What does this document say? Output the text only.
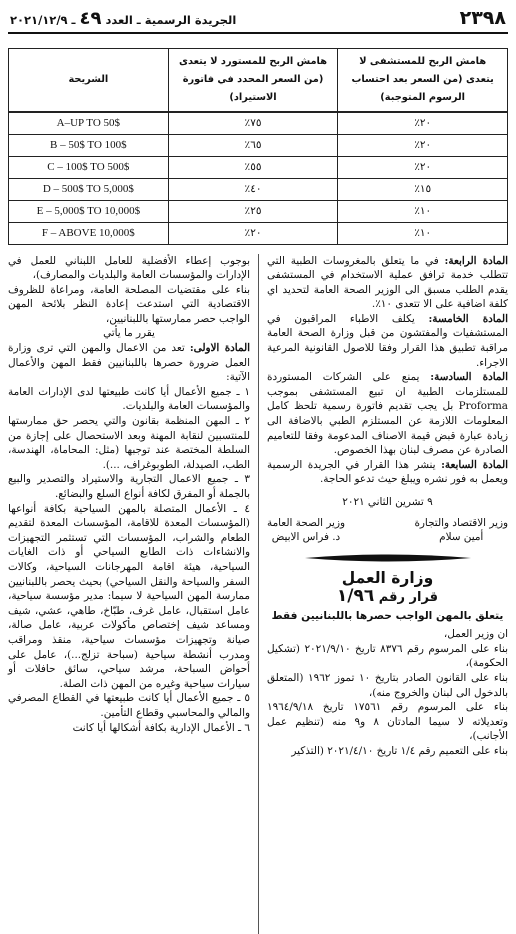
٢٣٩٨
الجريدة الرسمية ـ العدد ٤٩ ـ ٢٠٢١/١٢/٩
هامش الربح للمستشفى لا يتعدى (من السعر بعد احتساب الرسوم المتوجبة)	هامش الربح للمستورد لا يتعدى (من السعر المحدد في فاتورة الاستيراد)	الشريحة
٢٠٪	٧٥٪	A–UP TO 50$
٢٠٪	٦٥٪	B – 50$ TO 100$
٢٠٪	٥٥٪	C – 100$ TO 500$
١٥٪	٤٠٪	D – 500$ TO 5,000$
١٠٪	٢٥٪	E – 5,000$ TO 10,000$
١٠٪	٢٠٪	F – ABOVE 10,000$

المادة الرابعة: في ما يتعلق بالمغروسات الطبية التي تتطلب خدمة ترافق عملية الاستخدام في المستشفى يقدم الطلب مسبق الى الوزير الصحة العامة لتحديد اي كلفة اضافية على الا تتعدى ١٠٪.

المادة الخامسة: يكلف الاطباء المراقبون في المستشفيات والمفتشون من قبل وزارة الصحة العامة مراقبة تطبيق هذا القرار وفقا للاصول القانونية المرعية الاجراء.

المادة السادسة: يمنع على الشركات المستوردة للمستلزمات الطبية ان تبيع المستشفى بموجب Proforma بل يجب تقديم فاتورة رسمية تلحظ كامل المعلومات اللازمة عن المستلزم الطبي بالاضافة الى زيادة عبارة قبض قيمة الاصناف المدعومة وفقا للتعاميم الصادرة عن مصرف لبنان بهذا الخصوص.

المادة السابعة: ينشر هذا القرار في الجريدة الرسمية ويعمل به فور نشره ويبلغ حيث تدعو الحاجة.

٩ تشرين الثاني ٢٠٢١

وزير الاقتصاد والتجارة
أمين سلام
وزير الصحة العامة
د. فراس الابيض
وزارة العمل
قرار رقم ١/٩٦
يتعلق بالمهن الواجب حصرها باللبنانيين فقط

ان وزير العمل،

بناء على المرسوم رقم ٨٣٧٦ تاريخ ٢٠٢١/٩/١٠ (تشكيل الحكومة)،

بناء على القانون الصادر بتاريخ ١٠ تموز ١٩٦٢ (المتعلق بالدخول الى لبنان والخروج منه)،

بناء على المرسوم رقم ١٧٥٦١ تاريخ ١٩٦٤/٩/١٨ وتعديلاته لا سيما المادتان ٨ و٩ منه (تنظيم عمل الأجانب)،

بناء على التعميم رقم ١/٤ تاريخ ٢٠٢١/٤/١٠ (التذكير

بوجوب إعطاء الأفضلية للعامل اللبناني للعمل في الإدارات والمؤسسات العامة والبلديات والمصارف)،

بناء على مقتضيات المصلحة العامة، ومراعاة للظروف الاقتصادية التي استدعت إعادة النظر بلائحة المهن الواجب حصر ممارستها باللبنانيين،

يقرر ما يأتي

المادة الاولى: تعد من الاعمال والمهن التي ترى وزارة العمل ضرورة حصرها باللبنانيين فقط المهن والأعمال الآتية:

١ ـ جميع الأعمال أيا كانت طبيعتها لدى الإدارات العامة والمؤسسات العامة والبلديات.

٢ ـ المهن المنظمة بقانون والتي يحصر حق ممارستها للمنتسبين لنقابة المهنة وبعد الاستحصال على إجازة من السلطة المختصة عند توجبها (مثل: المحاماة، الهندسة، الطب، الصيدلة، الطوبوغراف، ...).

٣ ـ جميع الاعمال التجارية والاستيراد والتصدير والبيع بالجملة أو المفرق لكافة أنواع السلع والبضائع.

٤ ـ الأعمال المتصلة بالمهن السياحية بكافة أنواعها (المؤسسات المعدة للاقامة، المؤسسات المعدة لتقديم الطعام والشراب، المؤسسات التي تستثمر التجهيزات والانشاءات ذات الطابع السياحي أو ذات الغايات السياحية، هيئة اقامة المهرجانات السياحية، وكالات السفر والسياحة والنقل السياحي) بحيث يحصر باللبنانيين ممارسة المهن السياحية لا سيما: مدير مؤسسة سياحية، عامل استقبال، عامل غرف، طبّاخ، طاهي، عشي، شيف ومساعد شيف إختصاص مأكولات عربية، عامل صالة، صيانة وتجهيزات مؤسسات سياحية، منقذ ومراقب ومدرب أنشطة سياحية (سباحة تزلج...)، عامل على أحواض السباحة، مرشد سياحي، سائق حافلات أو سيارات سياحية وغيره من المهن ذات الصلة.

٥ ـ جميع الأعمال أيا كانت طبيعتها في القطاع المصرفي والمالي والمحاسبي وقطاع التأمين.

٦ ـ الأعمال الإدارية بكافة أشكالها أيا كانت
